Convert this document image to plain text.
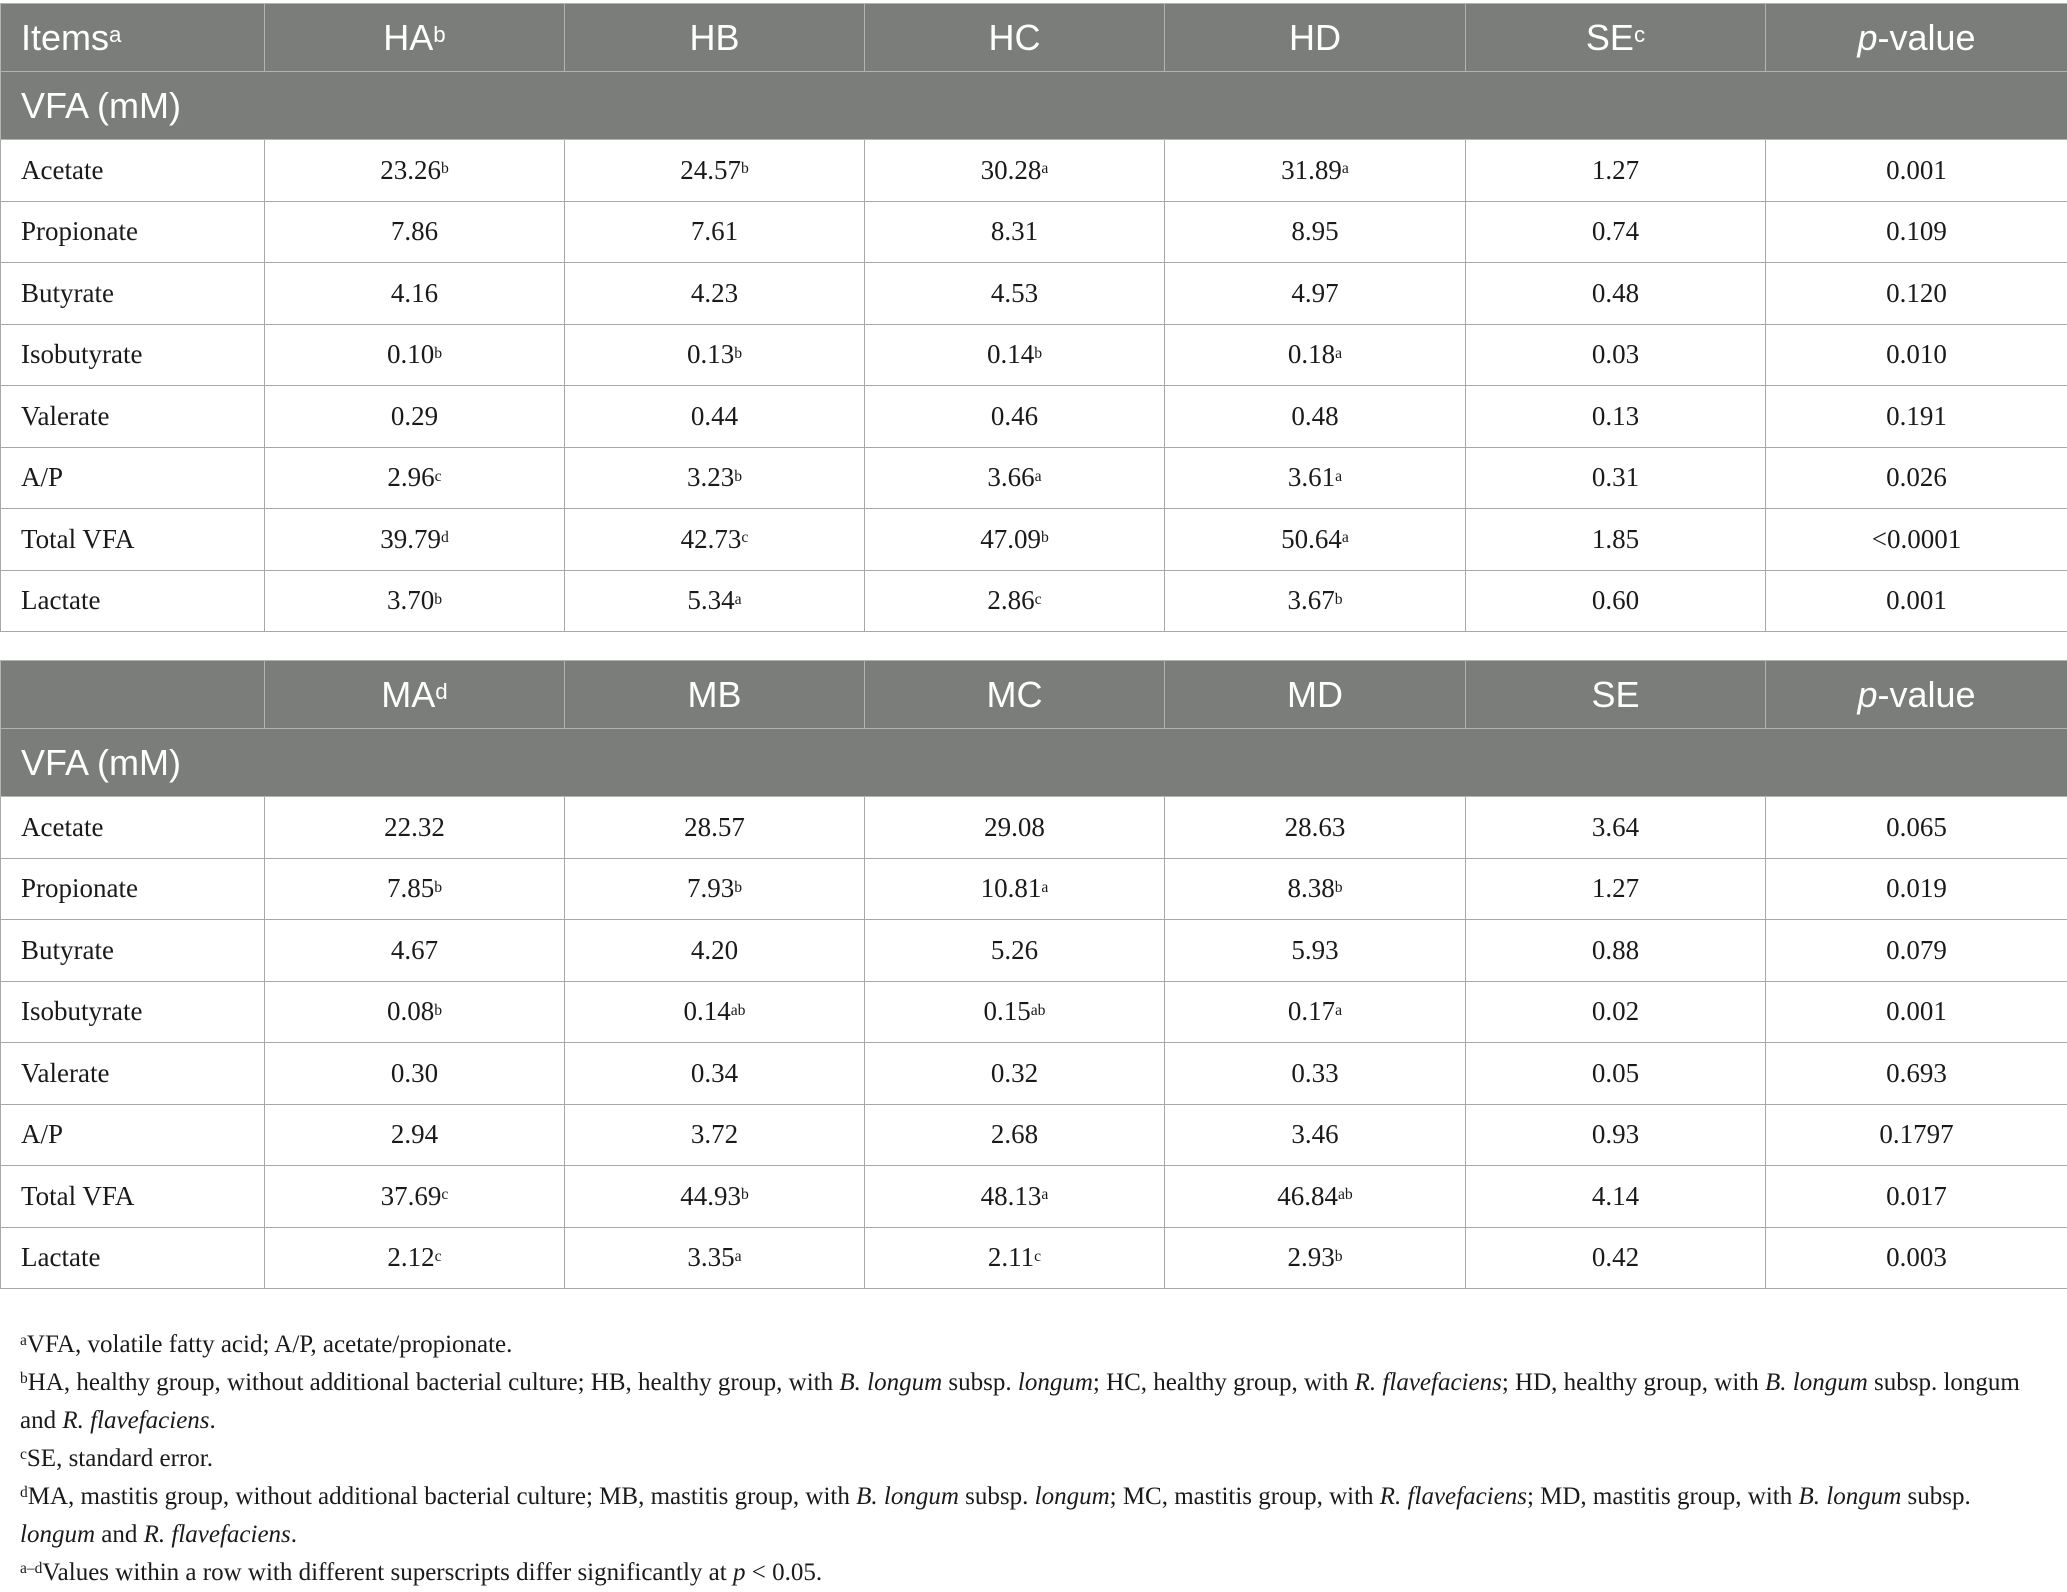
Items$^a$	$HA^b$	HB	HC	HD	$SE^c$	p-value
VFA (mM)						
Acetate	23.26$^b$	24.57$^b$	30.28$^a$	31.89$^a$	1.27	0.001
Propionate	7.86	7.61	8.31	8.95	0.74	0.109
Butyrate	4.16	4.23	4.53	4.97	0.48	0.120
Isobutyrate	0.10$^b$	0.13$^b$	0.14$^b$	0.18$^a$	0.03	0.010
Valerate	0.29	0.44	0.46	0.48	0.13	0.191
A/P	2.96$^c$	3.23$^b$	3.66$^a$	3.61$^a$	0.31	0.026
Total VFA	39.79$^d$	42.73$^c$	47.09$^b$	50.64$^a$	1.85	<0.0001
Lactate	3.70$^b$	5.34$^a$	2.86$^c$	3.67$^b$	0.60	0.001
	$MA^d$	MB	MC	MD	SE	p-value
VFA (mM)						
Acetate	22.32	28.57	29.08	28.63	3.64	0.065
Propionate	7.85$^b$	7.93$^b$	10.81$^a$	8.38$^b$	1.27	0.019
Butyrate	4.67	4.20	5.26	5.93	0.88	0.079
Isobutyrate	0.08$^b$	0.14$^{ab}$	0.15$^{ab}$	0.17$^a$	0.02	0.001
Valerate	0.30	0.34	0.32	0.33	0.05	0.693
A/P	2.94	3.72	2.68	3.46	0.93	0.1797
Total VFA	37.69$^c$	44.93$^b$	48.13$^a$	46.84$^{ab}$	4.14	0.017
Lactate	2.12$^c$	3.35$^a$	2.11$^c$	2.93$^b$	0.42	0.003

$^a$VFA, volatile fatty acid; A/P, acetate/propionate.

$^b$HA, healthy group, without additional bacterial culture; HB, healthy group, with B. longum subsp. longum; HC, healthy group, with R. flavefaciens; HD, healthy group, with B. longum subsp. longum and R. flavefaciens.

$^c$SE, standard error.

$^d$MA, mastitis group, without additional bacterial culture; MB, mastitis group, with B. longum subsp. longum; MC, mastitis group, with R. flavefaciens; MD, mastitis group, with B. longum subsp. longum and R. flavefaciens.

$^{a-d}$Values within a row with different superscripts differ significantly at p < 0.05.
